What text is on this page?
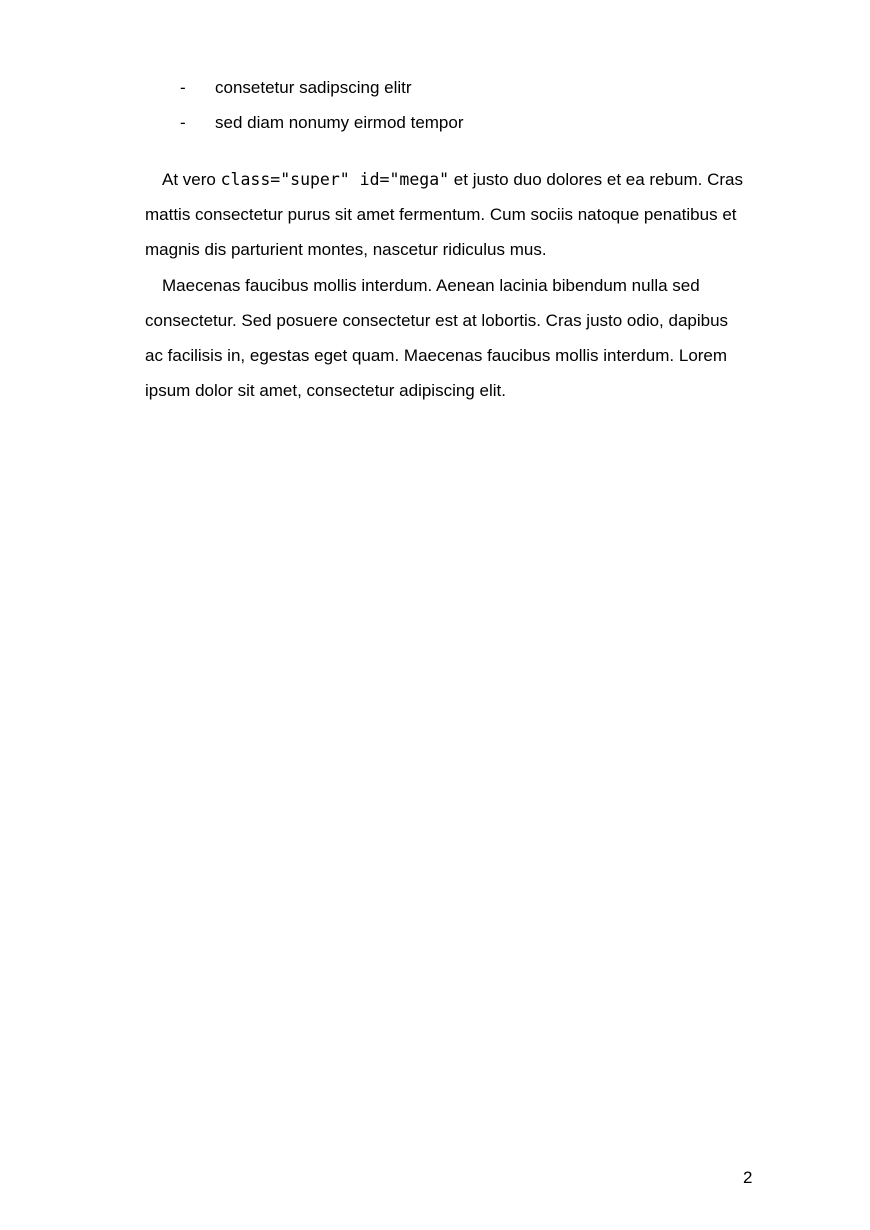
- consetetur sadipscing elitr
- sed diam nonumy eirmod tempor

At vero class="super" id="mega" et justo duo dolores et ea rebum. Cras mattis consectetur purus sit amet fermentum. Cum sociis natoque penatibus et magnis dis parturient montes, nascetur ridiculus mus.

Maecenas faucibus mollis interdum. Aenean lacinia bibendum nulla sed consectetur. Sed posuere consectetur est at lobortis. Cras justo odio, dapibus ac facilisis in, egestas eget quam. Maecenas faucibus mollis interdum. Lorem ipsum dolor sit amet, consectetur adipiscing elit.

2
